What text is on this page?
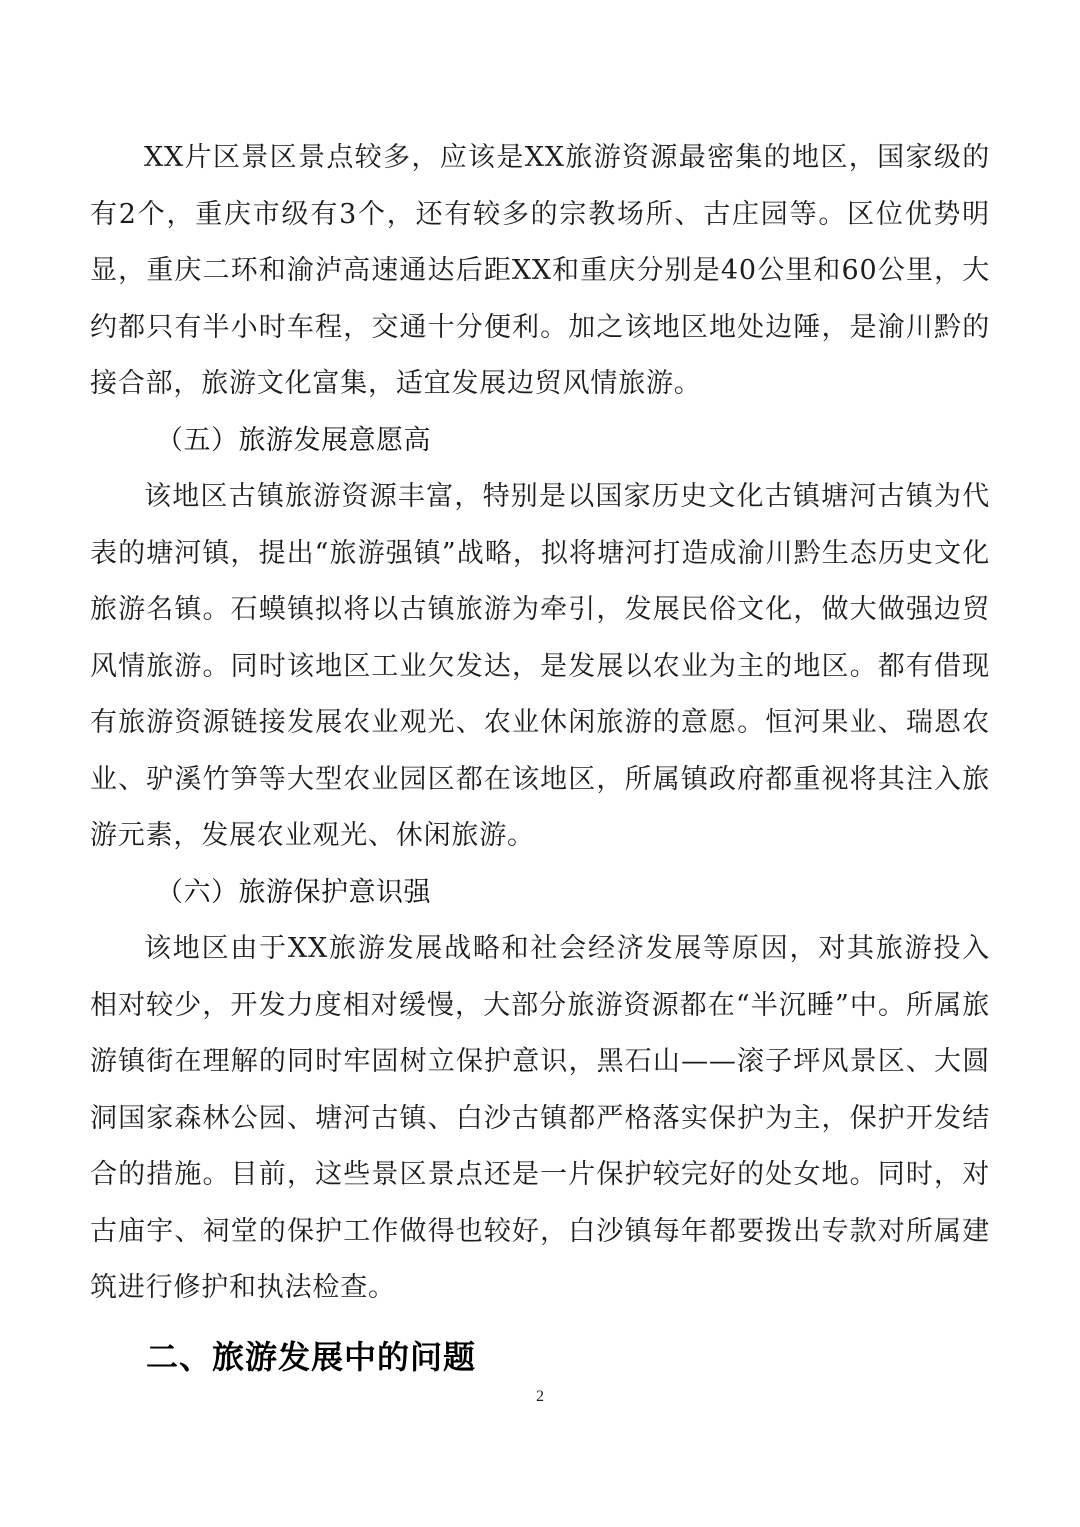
XX片区景区景点较多，应该是XX旅游资源最密集的地区，国家级的有2个，重庆市级有3个，还有较多的宗教场所、古庄园等。区位优势明显，重庆二环和渝泸高速通达后距XX和重庆分别是40公里和60公里，大约都只有半小时车程，交通十分便利。加之该地区地处边陲，是渝川黔的接合部，旅游文化富集，适宜发展边贸风情旅游。

（五）旅游发展意愿高

该地区古镇旅游资源丰富，特别是以国家历史文化古镇塘河古镇为代表的塘河镇，提出“旅游强镇”战略，拟将塘河打造成渝川黔生态历史文化旅游名镇。石蟆镇拟将以古镇旅游为牵引，发展民俗文化，做大做强边贸风情旅游。同时该地区工业欠发达，是发展以农业为主的地区。都有借现有旅游资源链接发展农业观光、农业休闲旅游的意愿。恒河果业、瑞恩农业、驴溪竹笋等大型农业园区都在该地区，所属镇政府都重视将其注入旅游元素，发展农业观光、休闲旅游。

（六）旅游保护意识强

该地区由于XX旅游发展战略和社会经济发展等原因，对其旅游投入相对较少，开发力度相对缓慢，大部分旅游资源都在“半沉睡”中。所属旅游镇街在理解的同时牢固树立保护意识，黑石山——滚子坪风景区、大圆洞国家森林公园、塘河古镇、白沙古镇都严格落实保护为主，保护开发结合的措施。目前，这些景区景点还是一片保护较完好的处女地。同时，对古庙宇、祠堂的保护工作做得也较好，白沙镇每年都要拨出专款对所属建筑进行修护和执法检查。

二、旅游发展中的问题
2
